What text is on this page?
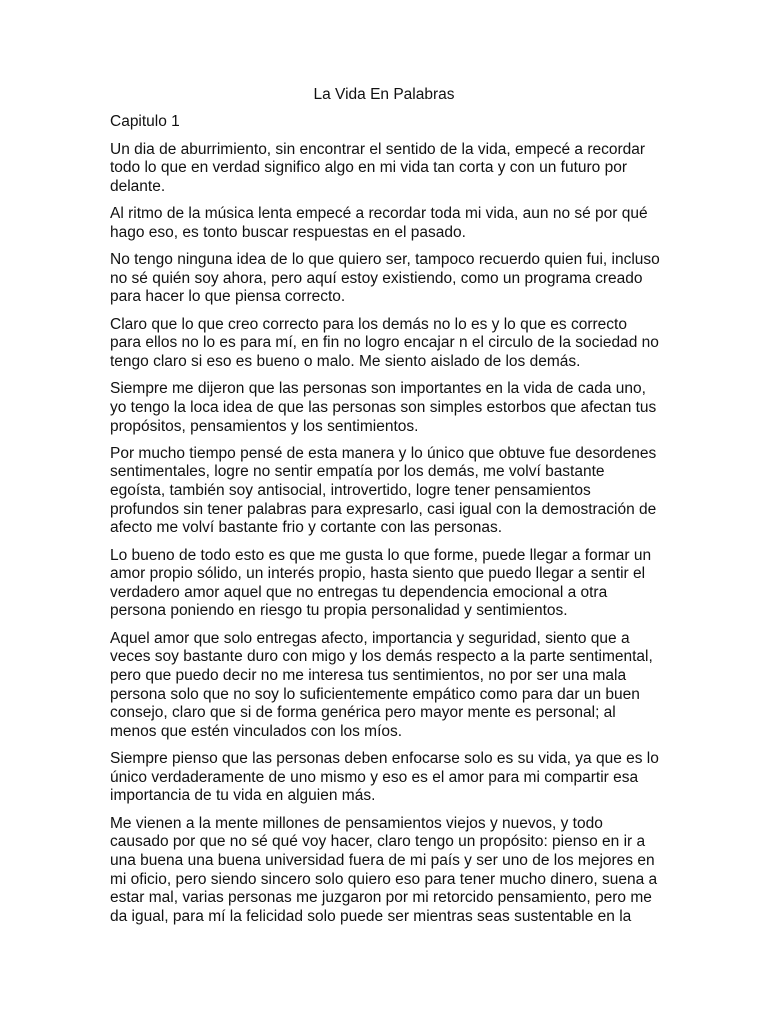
La Vida En Palabras
Capitulo 1

Un dia de aburrimiento, sin encontrar el sentido de la vida, empecé a recordar todo lo que en verdad significo algo en mi vida tan corta y con un futuro por delante.

Al ritmo de la música lenta empecé a recordar toda mi vida, aun no sé por qué hago eso, es tonto buscar respuestas en el pasado.

No tengo ninguna idea de lo que quiero ser, tampoco recuerdo quien fui, incluso no sé quién soy ahora, pero aquí estoy existiendo, como un programa creado para hacer lo que piensa correcto.

Claro que lo que creo correcto para los demás no lo es y lo que es correcto para ellos no lo es para mí, en fin no logro encajar n el circulo de la sociedad no tengo claro si eso es bueno o malo. Me siento aislado de los demás.

Siempre me dijeron que las personas son importantes en la vida de cada uno, yo tengo la loca idea de que las personas son simples estorbos que afectan tus propósitos, pensamientos y los sentimientos.

Por mucho tiempo pensé de esta manera y lo único que obtuve fue desordenes sentimentales, logre no sentir empatía por los demás, me volví bastante egoísta, también soy antisocial, introvertido, logre tener pensamientos profundos sin tener palabras para expresarlo, casi igual con la demostración de afecto me volví bastante frio y cortante con las personas.

Lo bueno de todo esto es que me gusta lo que forme, puede llegar a formar un amor propio sólido, un interés propio, hasta siento que puedo llegar a sentir el verdadero amor aquel que no entregas tu dependencia emocional a otra persona poniendo en riesgo tu propia personalidad y sentimientos.

Aquel amor que solo entregas afecto, importancia y seguridad, siento que a veces soy bastante duro con migo y los demás respecto a la parte sentimental, pero que puedo decir no me interesa tus sentimientos, no por ser una mala persona solo que no soy lo suficientemente empático como para dar un buen consejo, claro que si de forma genérica pero mayor mente es personal; al menos que estén vinculados con los míos.

Siempre pienso que las personas deben enfocarse solo es su vida, ya que es lo único verdaderamente de uno mismo y eso es el amor para mi compartir esa importancia de tu vida en alguien más.

Me vienen a la mente millones de pensamientos viejos y nuevos, y todo causado por que no sé qué voy hacer, claro tengo un propósito: pienso en ir a una buena una buena universidad fuera de mi país y ser uno de los mejores en mi oficio, pero siendo sincero solo quiero eso para tener mucho dinero, suena a estar mal, varias personas me juzgaron por mi retorcido pensamiento, pero me da igual, para mí la felicidad solo puede ser mientras seas sustentable en la
